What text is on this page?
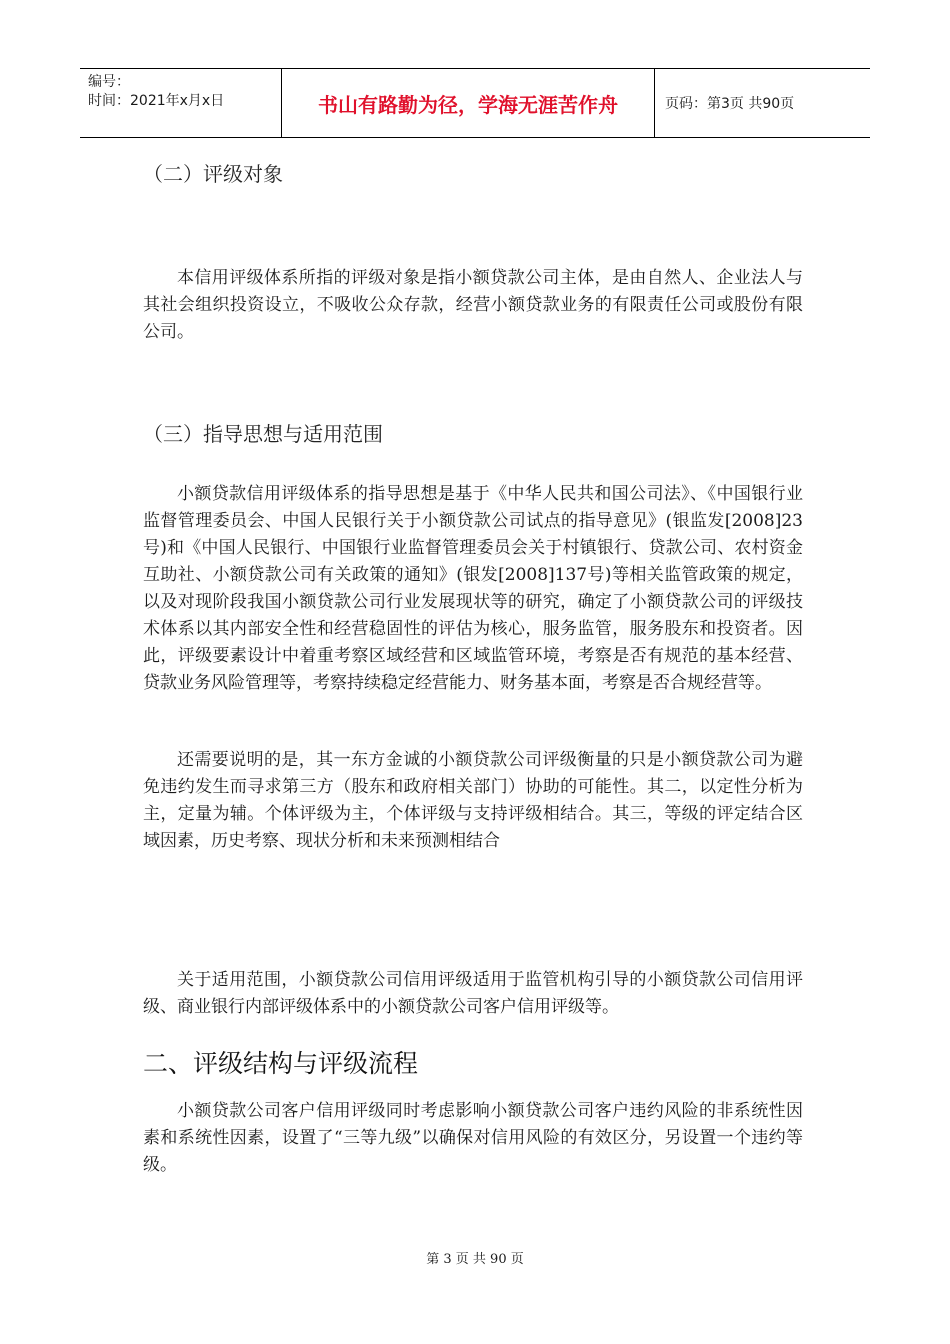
编号：
时间：2021年x月x日	书山有路勤为径，学海无涯苦作舟	页码：第3页 共90页
（二）评级对象

本信用评级体系所指的评级对象是指小额贷款公司主体，是由自然人、企业法人与其社会组织投资设立，不吸收公众存款，经营小额贷款业务的有限责任公司或股份有限公司。

（三）指导思想与适用范围

小额贷款信用评级体系的指导思想是基于《中华人民共和国公司法》、《中国银行业监督管理委员会、中国人民银行关于小额贷款公司试点的指导意见》(银监发[2008]23号)和《中国人民银行、中国银行业监督管理委员会关于村镇银行、贷款公司、农村资金互助社、小额贷款公司有关政策的通知》(银发[2008]137号)等相关监管政策的规定，以及对现阶段我国小额贷款公司行业发展现状等的研究，确定了小额贷款公司的评级技术体系以其内部安全性和经营稳固性的评估为核心，服务监管，服务股东和投资者。因此，评级要素设计中着重考察区域经营和区域监管环境，考察是否有规范的基本经营、贷款业务风险管理等，考察持续稳定经营能力、财务基本面，考察是否合规经营等。

还需要说明的是，其一东方金诚的小额贷款公司评级衡量的只是小额贷款公司为避免违约发生而寻求第三方（股东和政府相关部门）协助的可能性。其二，以定性分析为主，定量为辅。个体评级为主，个体评级与支持评级相结合。其三，等级的评定结合区域因素，历史考察、现状分析和未来预测相结合

关于适用范围，小额贷款公司信用评级适用于监管机构引导的小额贷款公司信用评级、商业银行内部评级体系中的小额贷款公司客户信用评级等。

二、评级结构与评级流程

小额贷款公司客户信用评级同时考虑影响小额贷款公司客户违约风险的非系统性因素和系统性因素，设置了“三等九级”以确保对信用风险的有效区分，另设置一个违约等级。

第 3 页 共 90 页
